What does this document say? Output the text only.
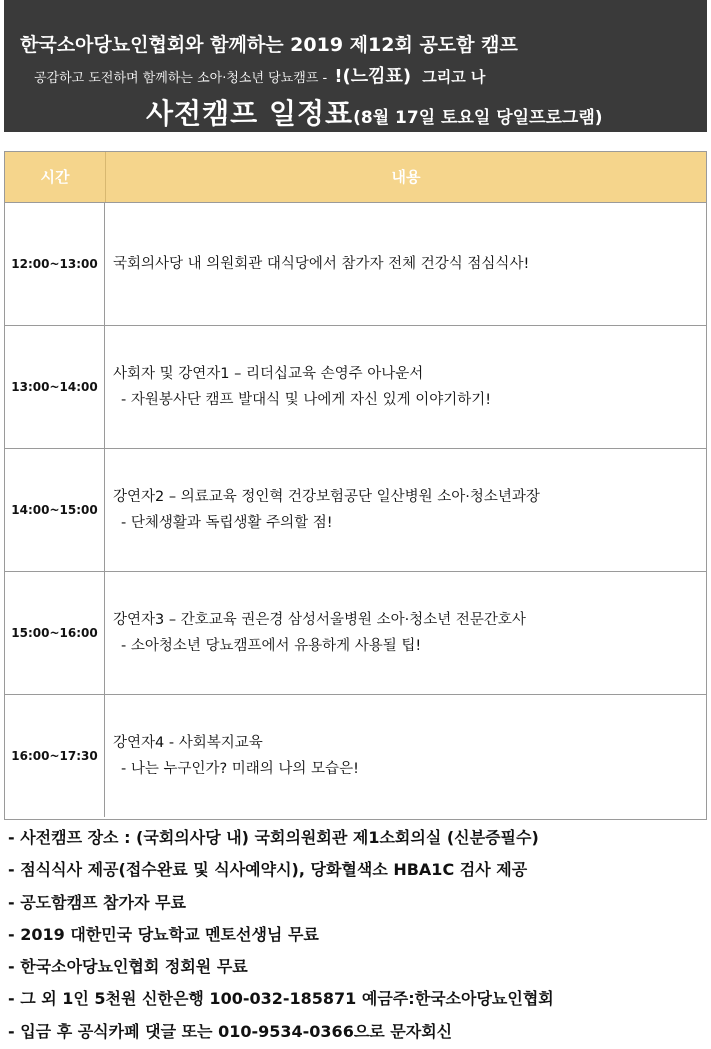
한국소아당뇨인협회와 함께하는 2019 제12회 공도함 캠프
공감하고 도전하며 함께하는 소아·청소년 당뇨캠프 - !(느낌표) 그리고 나
사전캠프 일정표(8월 17일 토요일 당일프로그램)
시간	내용
12:00~13:00	국회의사당 내 의원회관 대식당에서 참가자 전체 건강식 점심식사!
13:00~14:00
사회자 및 강연자1 – 리더십교육 손영주 아나운서
- 자원봉사단 캠프 발대식 및 나에게 자신 있게 이야기하기!
14:00~15:00
강연자2 – 의료교육 정인혁 건강보험공단 일산병원 소아·청소년과장
- 단체생활과 독립생활 주의할 점!
15:00~16:00
강연자3 – 간호교육 권은경 삼성서울병원 소아·청소년 전문간호사
- 소아청소년 당뇨캠프에서 유용하게 사용될 팁!
16:00~17:30
강연자4 - 사회복지교육
- 나는 누구인가? 미래의 나의 모습은!
- 사전캠프 장소 : (국회의사당 내) 국회의원회관 제1소회의실 (신분증필수)
- 점식식사 제공(접수완료 및 식사예약시), 당화혈색소 HBA1C 검사 제공
- 공도함캠프 참가자 무료
- 2019 대한민국 당뇨학교 멘토선생님 무료
- 한국소아당뇨인협회 정회원 무료
- 그 외 1인 5천원 신한은행 100-032-185871 예금주:한국소아당뇨인협회
- 입금 후 공식카페 댓글 또는 010-9534-0366으로 문자회신
